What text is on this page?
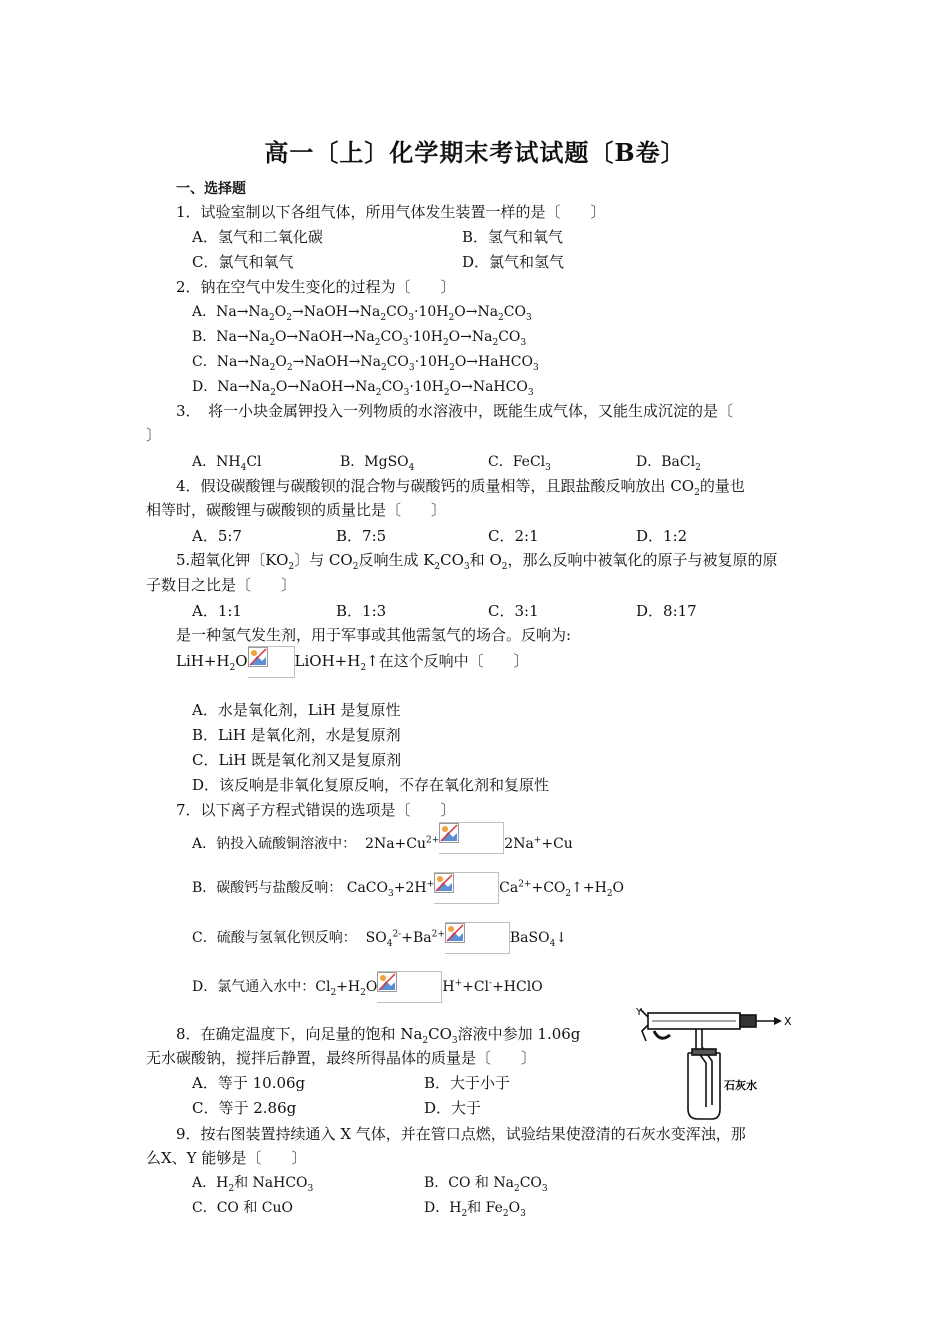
高一〔上〕化学期末考试试题〔B卷〕
一、选择题
1．试验室制以下各组气体，所用气体发生装置一样的是〔　　〕
A．氢气和二氧化碳	B．氢气和氧气
C．氯气和氧气	D．氯气和氢气
2．钠在空气中发生变化的过程为〔　　〕
A．$Na\to Na_2O_2\to NaOH\to Na_2CO_3\cdot 10H_2O\to Na_2CO_3$
B．$Na\to Na_2O\to NaOH\to Na_2CO_3\cdot 10H_2O\to Na_2CO_3$
C．$Na\to Na_2O_2\to NaOH\to Na_2CO_3\cdot 10H_2O\to HaHCO_3$
D．$Na\to Na_2O\to NaOH\to Na_2CO_3\cdot 10H_2O\to NaHCO_3$
3．　将一小块金属钾投入一列物质的水溶液中，既能生成气体，又能生成沉淀的是〔
〕
A．$NH_4Cl$	B．MgSO$_4$	C．FeCl$_3$	D．BaCl$_2$
4．假设碳酸锂与碳酸钡的混合物与碳酸钙的质量相等，且跟盐酸反响放出 $CO_2$的量也
相等时，碳酸锂与碳酸钡的质量比是〔　　〕
A．5:7	B．7:5	C．2:1	D．1:2
5.超氧化钾〔$KO_2$〕与 $CO_2$反响生成 $K_2CO_3$和 $O_2$，那么反响中被氧化的原子与被复原的原
子数目之比是〔　　〕
A．1:1	B．1:3	C．3:1	D．8:17
是一种氢气发生剂，用于军事或其他需氢气的场合。反响为:
$LiH+H_2O$	$LiOH+H_2↑$在这个反响中〔　　〕
A．水是氧化剂，LiH 是复原性
B．LiH 是氧化剂，水是复原剂
C．LiH 既是氧化剂又是复原剂
D．该反响是非氧化复原反响，不存在氧化剂和复原性
7．以下离子方程式错误的选项是〔　　〕
A．钠投入硫酸铜溶液中： $2Na+Cu^{2+}$	2Na++Cu
B．碳酸钙与盐酸反响： CaCO$_3$+2H+	$Ca^{2+}+CO_2↑+H_2O$
C．硫酸与氢氧化钡反响： $SO_4^{2-}+Ba^{2+}$	BaSO$_4$↓
D．氯气通入水中：$Cl_2+H_2O$	H++Cl-+HClO
8．在确定温度下，向足量的饱和 $Na_2CO_3$溶液中参加 1.06g
无水碳酸钠，搅拌后静置，最终所得晶体的质量是〔　　〕
A．等于 10.06g	B．大于小于
C．等于 2.86g	D．大于
X
Y
石灰水
9．按右图装置持续通入 X 气体，并在管口点燃，试验结果使澄清的石灰水变浑浊，那
么X、Y 能够是〔　　〕
A．$H_2$和 NaHCO$_3$	B．CO 和 $Na_2CO_3$
C．CO 和 CuO	D．$H_2$和 $Fe_2O_3$
